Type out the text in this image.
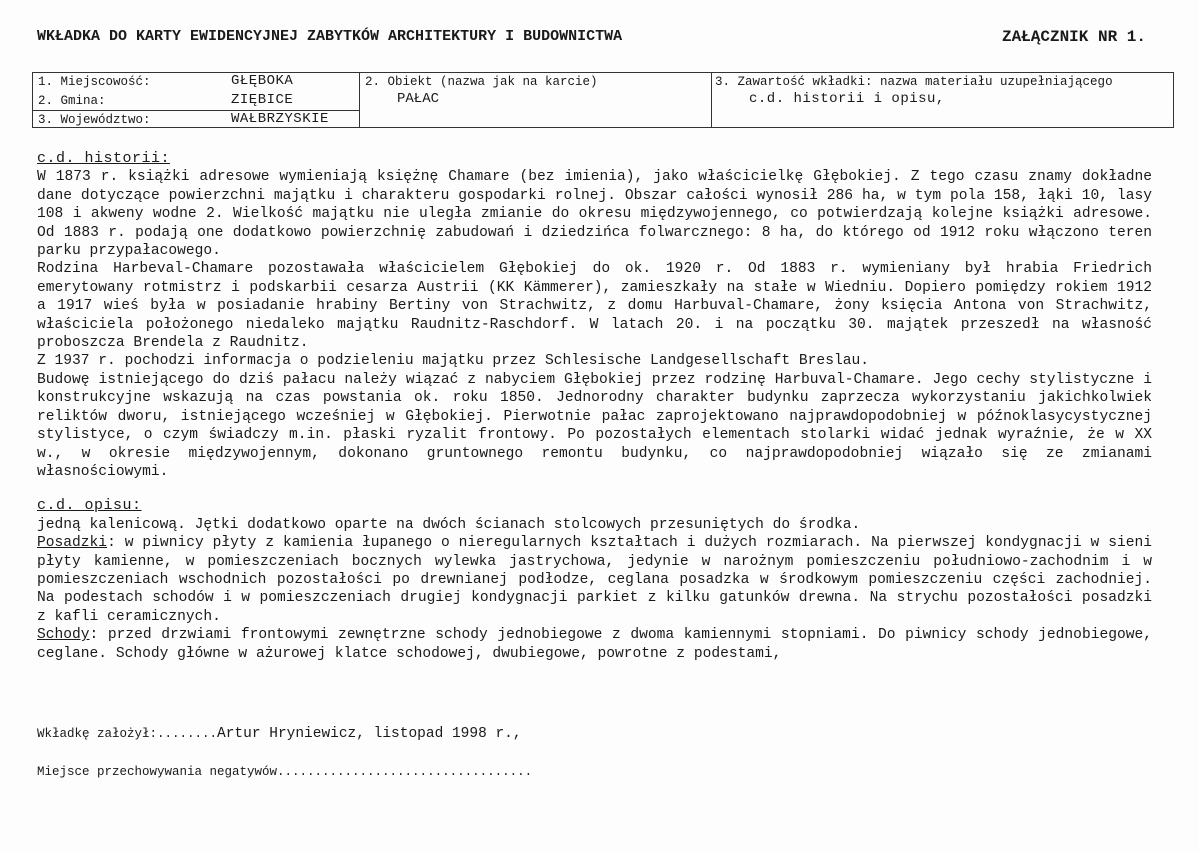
WKŁADKA DO KARTY EWIDENCYJNEJ ZABYTKÓW ARCHITEKTURY I BUDOWNICTWA	ZAŁĄCZNIK NR 1.
1. Miejscowość:	GŁĘBOKA
2. Gmina:	ZIĘBICE
3. Województwo:	WAŁBRZYSKIE
2. Obiekt (nazwa jak na karcie)
PAŁAC
3. Zawartość wkładki: nazwa materiału uzupełniającego
c.d. historii i opisu,
c.d. historii:

W 1873 r. książki adresowe wymieniają księżnę Chamare (bez imienia), jako właścicielkę Głębokiej. Z tego czasu znamy dokładne dane dotyczące powierzchni majątku i charakteru gospodarki rolnej. Obszar całości wynosił 286 ha, w tym pola 158, łąki 10, lasy 108 i akweny wodne 2. Wielkość majątku nie uległa zmianie do okresu międzywojennego, co potwierdzają kolejne książki adresowe. Od 1883 r. podają one dodatkowo powierzchnię zabudowań i dziedzińca folwarcznego: 8 ha, do którego od 1912 roku włączono teren parku przypałacowego.

Rodzina Harbeval-Chamare pozostawała właścicielem Głębokiej do ok. 1920 r. Od 1883 r. wymieniany był hrabia Friedrich emerytowany rotmistrz i podskarbii cesarza Austrii (KK Kämmerer), zamieszkały na stałe w Wiedniu. Dopiero pomiędzy rokiem 1912 a 1917 wieś była w posiadanie hrabiny Bertiny von Strachwitz, z domu Harbuval-Chamare, żony księcia Antona von Strachwitz, właściciela położonego niedaleko majątku Raudnitz-Raschdorf. W latach 20. i na początku 30. majątek przeszedł na własność proboszcza Brendela z Raudnitz.

Z 1937 r. pochodzi informacja o podzieleniu majątku przez Schlesische Landgesellschaft Breslau.

Budowę istniejącego do dziś pałacu należy wiązać z nabyciem Głębokiej przez rodzinę Harbuval-Chamare. Jego cechy stylistyczne i konstrukcyjne wskazują na czas powstania ok. roku 1850. Jednorodny charakter budynku zaprzecza wykorzystaniu jakichkolwiek reliktów dworu, istniejącego wcześniej w Głębokiej. Pierwotnie pałac zaprojektowano najprawdopodobniej w późnoklasycystycznej stylistyce, o czym świadczy m.in. płaski ryzalit frontowy. Po pozostałych elementach stolarki widać jednak wyraźnie, że w XX w., w okresie międzywojennym, dokonano gruntownego remontu budynku, co najprawdopodobniej wiązało się ze zmianami własnościowymi.

c.d. opisu:

jedną kalenicową. Jętki dodatkowo oparte na dwóch ścianach stolcowych przesuniętych do środka.

Posadzki: w piwnicy płyty z kamienia łupanego o nieregularnych kształtach i dużych rozmiarach. Na pierwszej kondygnacji w sieni płyty kamienne, w pomieszczeniach bocznych wylewka jastrychowa, jedynie w narożnym pomieszczeniu południowo-zachodnim i w pomieszczeniach wschodnich pozostałości po drewnianej podłodze, ceglana posadzka w środkowym pomieszczeniu części zachodniej. Na podestach schodów i w pomieszczeniach drugiej kondygnacji parkiet z kilku gatunków drewna. Na strychu pozostałości posadzki z kafli ceramicznych.

Schody: przed drzwiami frontowymi zewnętrzne schody jednobiegowe z dwoma kamiennymi stopniami. Do piwnicy schody jednobiegowe, ceglane. Schody główne w ażurowej klatce schodowej, dwubiegowe, powrotne z podestami,

Wkładkę założył:........Artur Hryniewicz, listopad 1998 r.,
Miejsce przechowywania negatywów..................................
